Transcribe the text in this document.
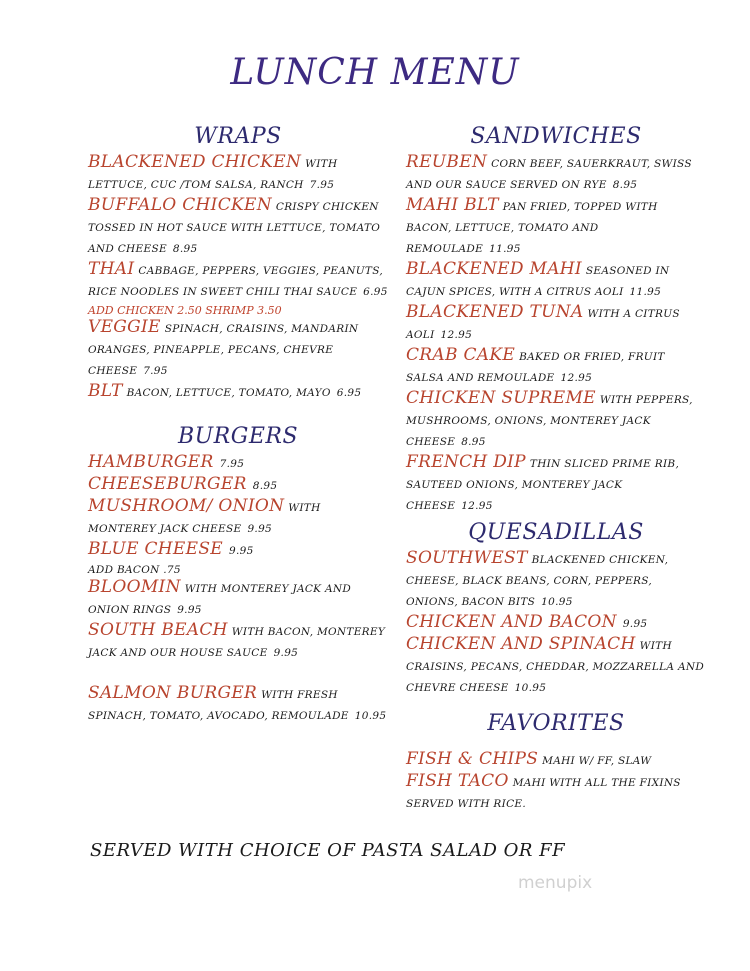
LUNCH MENU
WRAPS
BLACKENED CHICKEN WITH LETTUCE, CUC /TOM SALSA, RANCH 7.95
BUFFALO CHICKEN CRISPY CHICKEN TOSSED IN HOT SAUCE WITH LETTUCE, TOMATO AND CHEESE 8.95
THAI CABBAGE, PEPPERS, VEGGIES, PEANUTS, RICE NOODLES IN SWEET CHILI THAI SAUCE 6.95
ADD CHICKEN 2.50 SHRIMP 3.50
VEGGIE SPINACH, CRAISINS, MANDARIN ORANGES, PINEAPPLE, PECANS, CHEVRE CHEESE 7.95
BLT BACON, LETTUCE, TOMATO, MAYO 6.95
BURGERS
HAMBURGER 7.95
CHEESEBURGER 8.95
MUSHROOM/ ONION WITH MONTEREY JACK CHEESE 9.95
BLUE CHEESE 9.95
ADD BACON .75
BLOOMIN WITH MONTEREY JACK AND ONION RINGS 9.95
SOUTH BEACH WITH BACON, MONTEREY JACK AND OUR HOUSE SAUCE 9.95
SALMON BURGER WITH FRESH SPINACH, TOMATO, AVOCADO, REMOULADE 10.95
SANDWICHES
REUBEN CORN BEEF, SAUERKRAUT, SWISS AND OUR SAUCE SERVED ON RYE 8.95
MAHI BLT PAN FRIED, TOPPED WITH BACON, LETTUCE, TOMATO AND REMOULADE 11.95
BLACKENED MAHI SEASONED IN CAJUN SPICES, WITH A CITRUS AOLI 11.95
BLACKENED TUNA WITH A CITRUS AOLI 12.95
CRAB CAKE BAKED OR FRIED, FRUIT SALSA AND REMOULADE 12.95
CHICKEN SUPREME WITH PEPPERS, MUSHROOMS, ONIONS, MONTEREY JACK CHEESE 8.95
FRENCH DIP THIN SLICED PRIME RIB, SAUTEED ONIONS, MONTEREY JACK CHEESE 12.95
QUESADILLAS
SOUTHWEST BLACKENED CHICKEN, CHEESE, BLACK BEANS, CORN, PEPPERS, ONIONS, BACON BITS 10.95
CHICKEN AND BACON 9.95
CHICKEN AND SPINACH WITH CRAISINS, PECANS, CHEDDAR, MOZZARELLA AND CHEVRE CHEESE 10.95
FAVORITES
FISH & CHIPS MAHI W/ FF, SLAW
FISH TACO MAHI WITH ALL THE FIXINS SERVED WITH RICE.
SERVED WITH CHOICE OF PASTA SALAD OR FF
menupix
